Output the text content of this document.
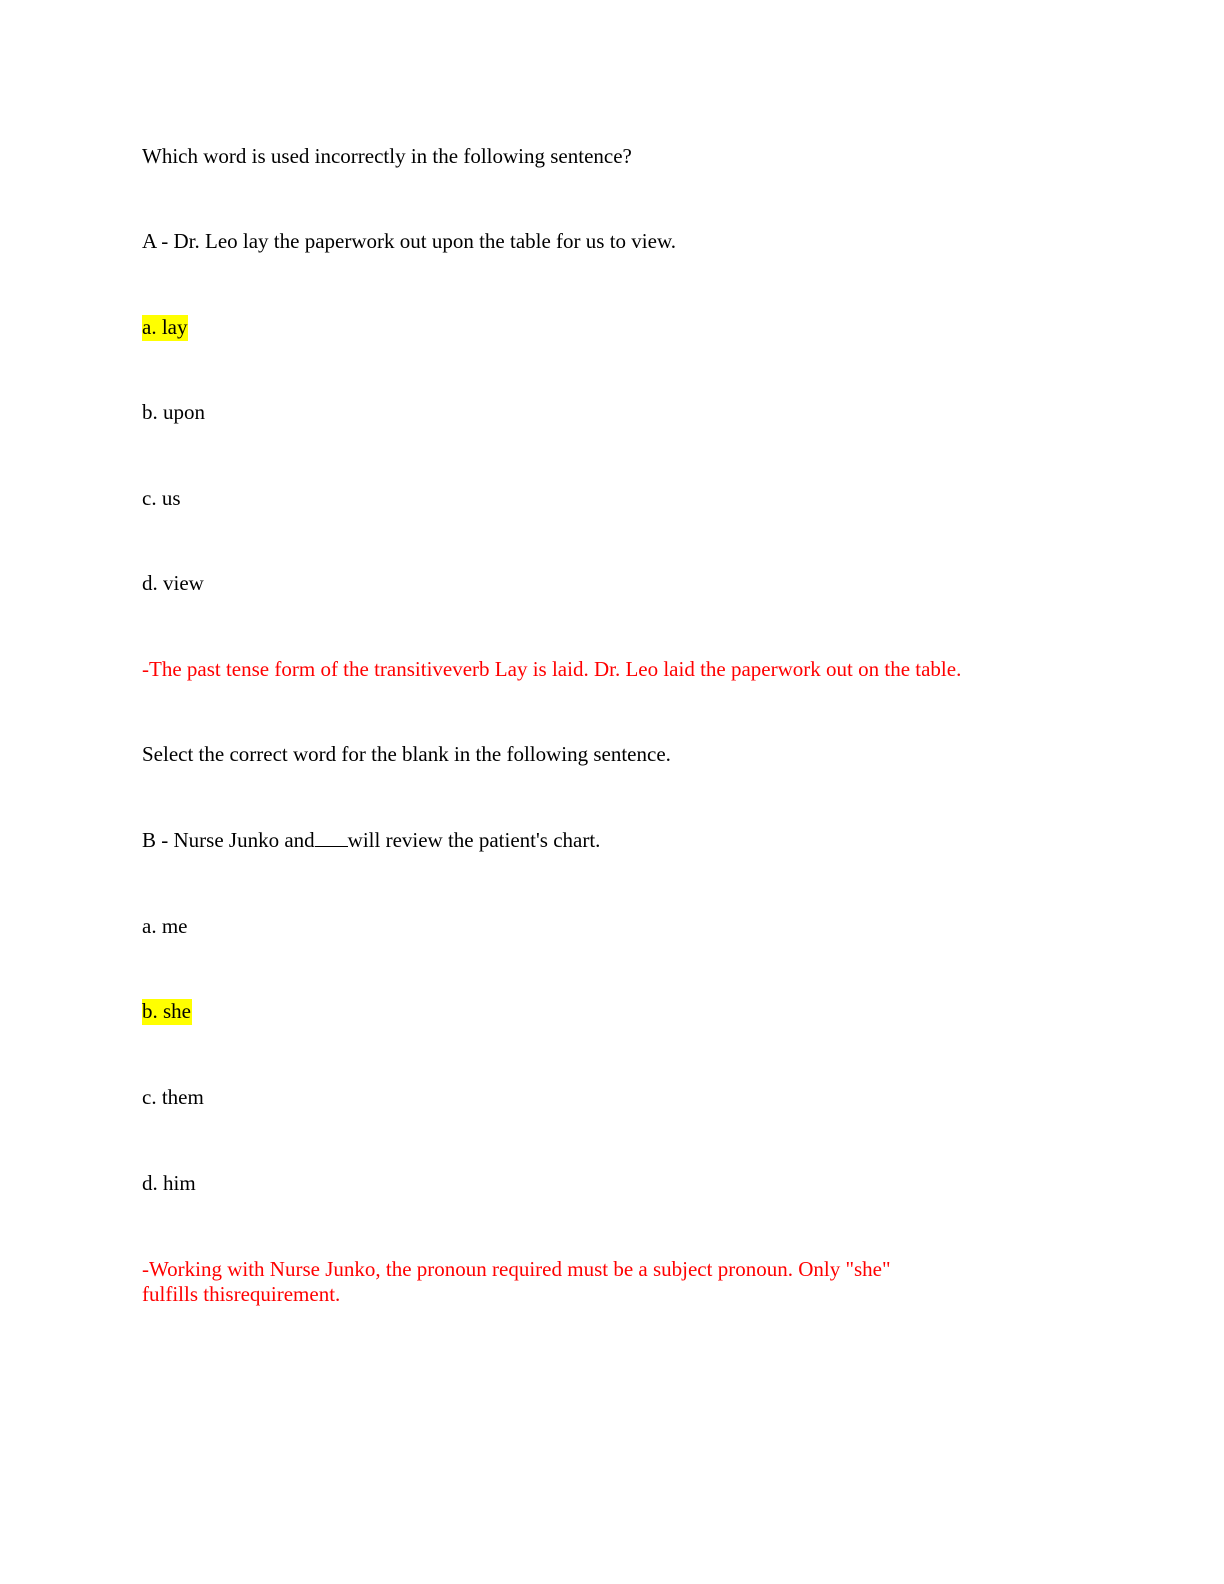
Which word is used incorrectly in the following sentence?
A - Dr. Leo lay the paperwork out upon the table for us to view.
a. lay
b. upon
c. us
d. view
-The past tense form of the transitiveverb Lay is laid. Dr. Leo laid the paperwork out on the table.
Select the correct word for the blank in the following sentence.
B - Nurse Junko and will review the patient's chart.
a. me
b. she
c. them
d. him
-Working with Nurse Junko, the pronoun required must be a subject pronoun. Only "she"
fulfills thisrequirement.
